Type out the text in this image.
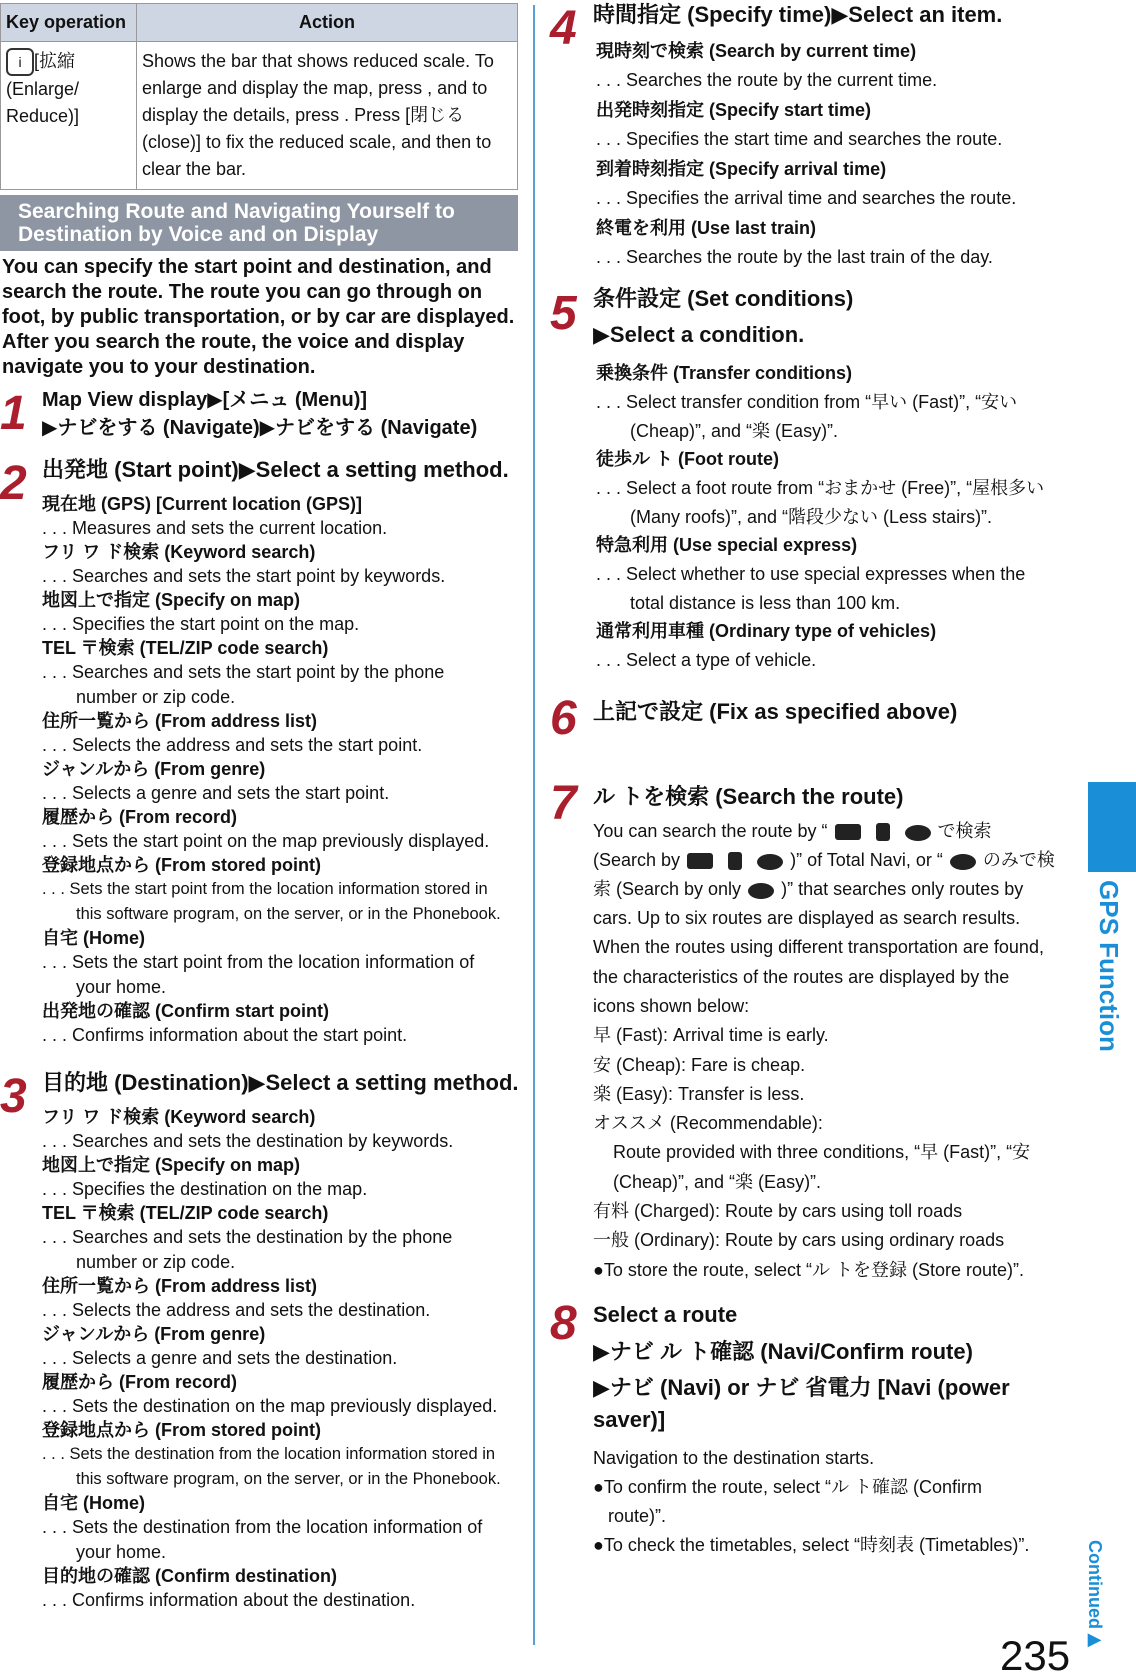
Key operation	Action
i [拡縮 (Enlarge/ Reduce)]	Shows the bar that shows reduced scale. To enlarge and display the map, press , and to display the details, press . Press [閉じる (close)] to fix the reduced scale, and then to clear the bar.
Searching Route and Navigating Yourself to Destination by Voice and on Display
You can specify the start point and destination, and search the route. The route you can go through on foot, by public transportation, or by car are displayed. After you search the route, the voice and display navigate you to your destination.
1 Map View display▶[メニュ (Menu)]
▶ナビをする (Navigate)▶ナビをする (Navigate)
2 出発地 (Start point)▶Select a setting method.
3 目的地 (Destination)▶Select a setting method.
4 時間指定 (Specify time)▶Select an item.
5 条件設定 (Set conditions)
▶Select a condition.
6 上記で設定 (Fix as specified above)
7 ル トを検索 (Search the route)
You can search the route by “	で検索
(Search by	)” of Total Navi, or “ のみで検
索 (Search by only )” that searches only routes by
8 Select a route
▶ナビ ル ト確認 (Navi/Confirm route)
▶ナビ (Navi) or ナビ 省電力 [Navi (power
saver)]
GPS Function
Continued▶
235
現在地 (GPS) [Current location (GPS)]
. . . Measures and sets the current location.
フリ ワ ド検索 (Keyword search)
. . . Searches and sets the start point by keywords.
地図上で指定 (Specify on map)
. . . Specifies the start point on the map.
TEL 〒検索 (TEL/ZIP code search)
. . . Searches and sets the start point by the phone
number or zip code.
住所一覧から (From address list)
. . . Selects the address and sets the start point.
ジャンルから (From genre)
. . . Selects a genre and sets the start point.
履歴から (From record)
. . . Sets the start point on the map previously displayed.
登録地点から (From stored point)
. . . Sets the start point from the location information stored in
this software program, on the server, or in the Phonebook.
自宅 (Home)
. . . Sets the start point from the location information of
your home.
出発地の確認 (Confirm start point)
. . . Confirms information about the start point.
フリ ワ ド検索 (Keyword search)
. . . Searches and sets the destination by keywords.
地図上で指定 (Specify on map)
. . . Specifies the destination on the map.
TEL 〒検索 (TEL/ZIP code search)
. . . Searches and sets the destination by the phone
number or zip code.
住所一覧から (From address list)
. . . Selects the address and sets the destination.
ジャンルから (From genre)
. . . Selects a genre and sets the destination.
履歴から (From record)
. . . Sets the destination on the map previously displayed.
登録地点から (From stored point)
. . . Sets the destination from the location information stored in
this software program, on the server, or in the Phonebook.
自宅 (Home)
. . . Sets the destination from the location information of
your home.
目的地の確認 (Confirm destination)
. . . Confirms information about the destination.
現時刻で検索 (Search by current time)
. . . Searches the route by the current time.
出発時刻指定 (Specify start time)
. . . Specifies the start time and searches the route.
到着時刻指定 (Specify arrival time)
. . . Specifies the arrival time and searches the route.
終電を利用 (Use last train)
. . . Searches the route by the last train of the day.
乗換条件 (Transfer conditions)
. . . Select transfer condition from “早い (Fast)”, “安い
(Cheap)”, and “楽 (Easy)”.
徒歩ル ト (Foot route)
. . . Select a foot route from “おまかせ (Free)”, “屋根多い
(Many roofs)”, and “階段少ない (Less stairs)”.
特急利用 (Use special express)
. . . Select whether to use special expresses when the
total distance is less than 100 km.
通常利用車種 (Ordinary type of vehicles)
. . . Select a type of vehicle.
cars. Up to six routes are displayed as search results.
When the routes using different transportation are found,
the characteristics of the routes are displayed by the
icons shown below:
早 (Fast): Arrival time is early.
安 (Cheap): Fare is cheap.
楽 (Easy): Transfer is less.
オススメ (Recommendable):
Route provided with three conditions, “早 (Fast)”, “安
(Cheap)”, and “楽 (Easy)”.
有料 (Charged): Route by cars using toll roads
一般 (Ordinary): Route by cars using ordinary roads
●To store the route, select “ル トを登録 (Store route)”.
Navigation to the destination starts.
●To confirm the route, select “ル ト確認 (Confirm
route)”.
●To check the timetables, select “時刻表 (Timetables)”.
